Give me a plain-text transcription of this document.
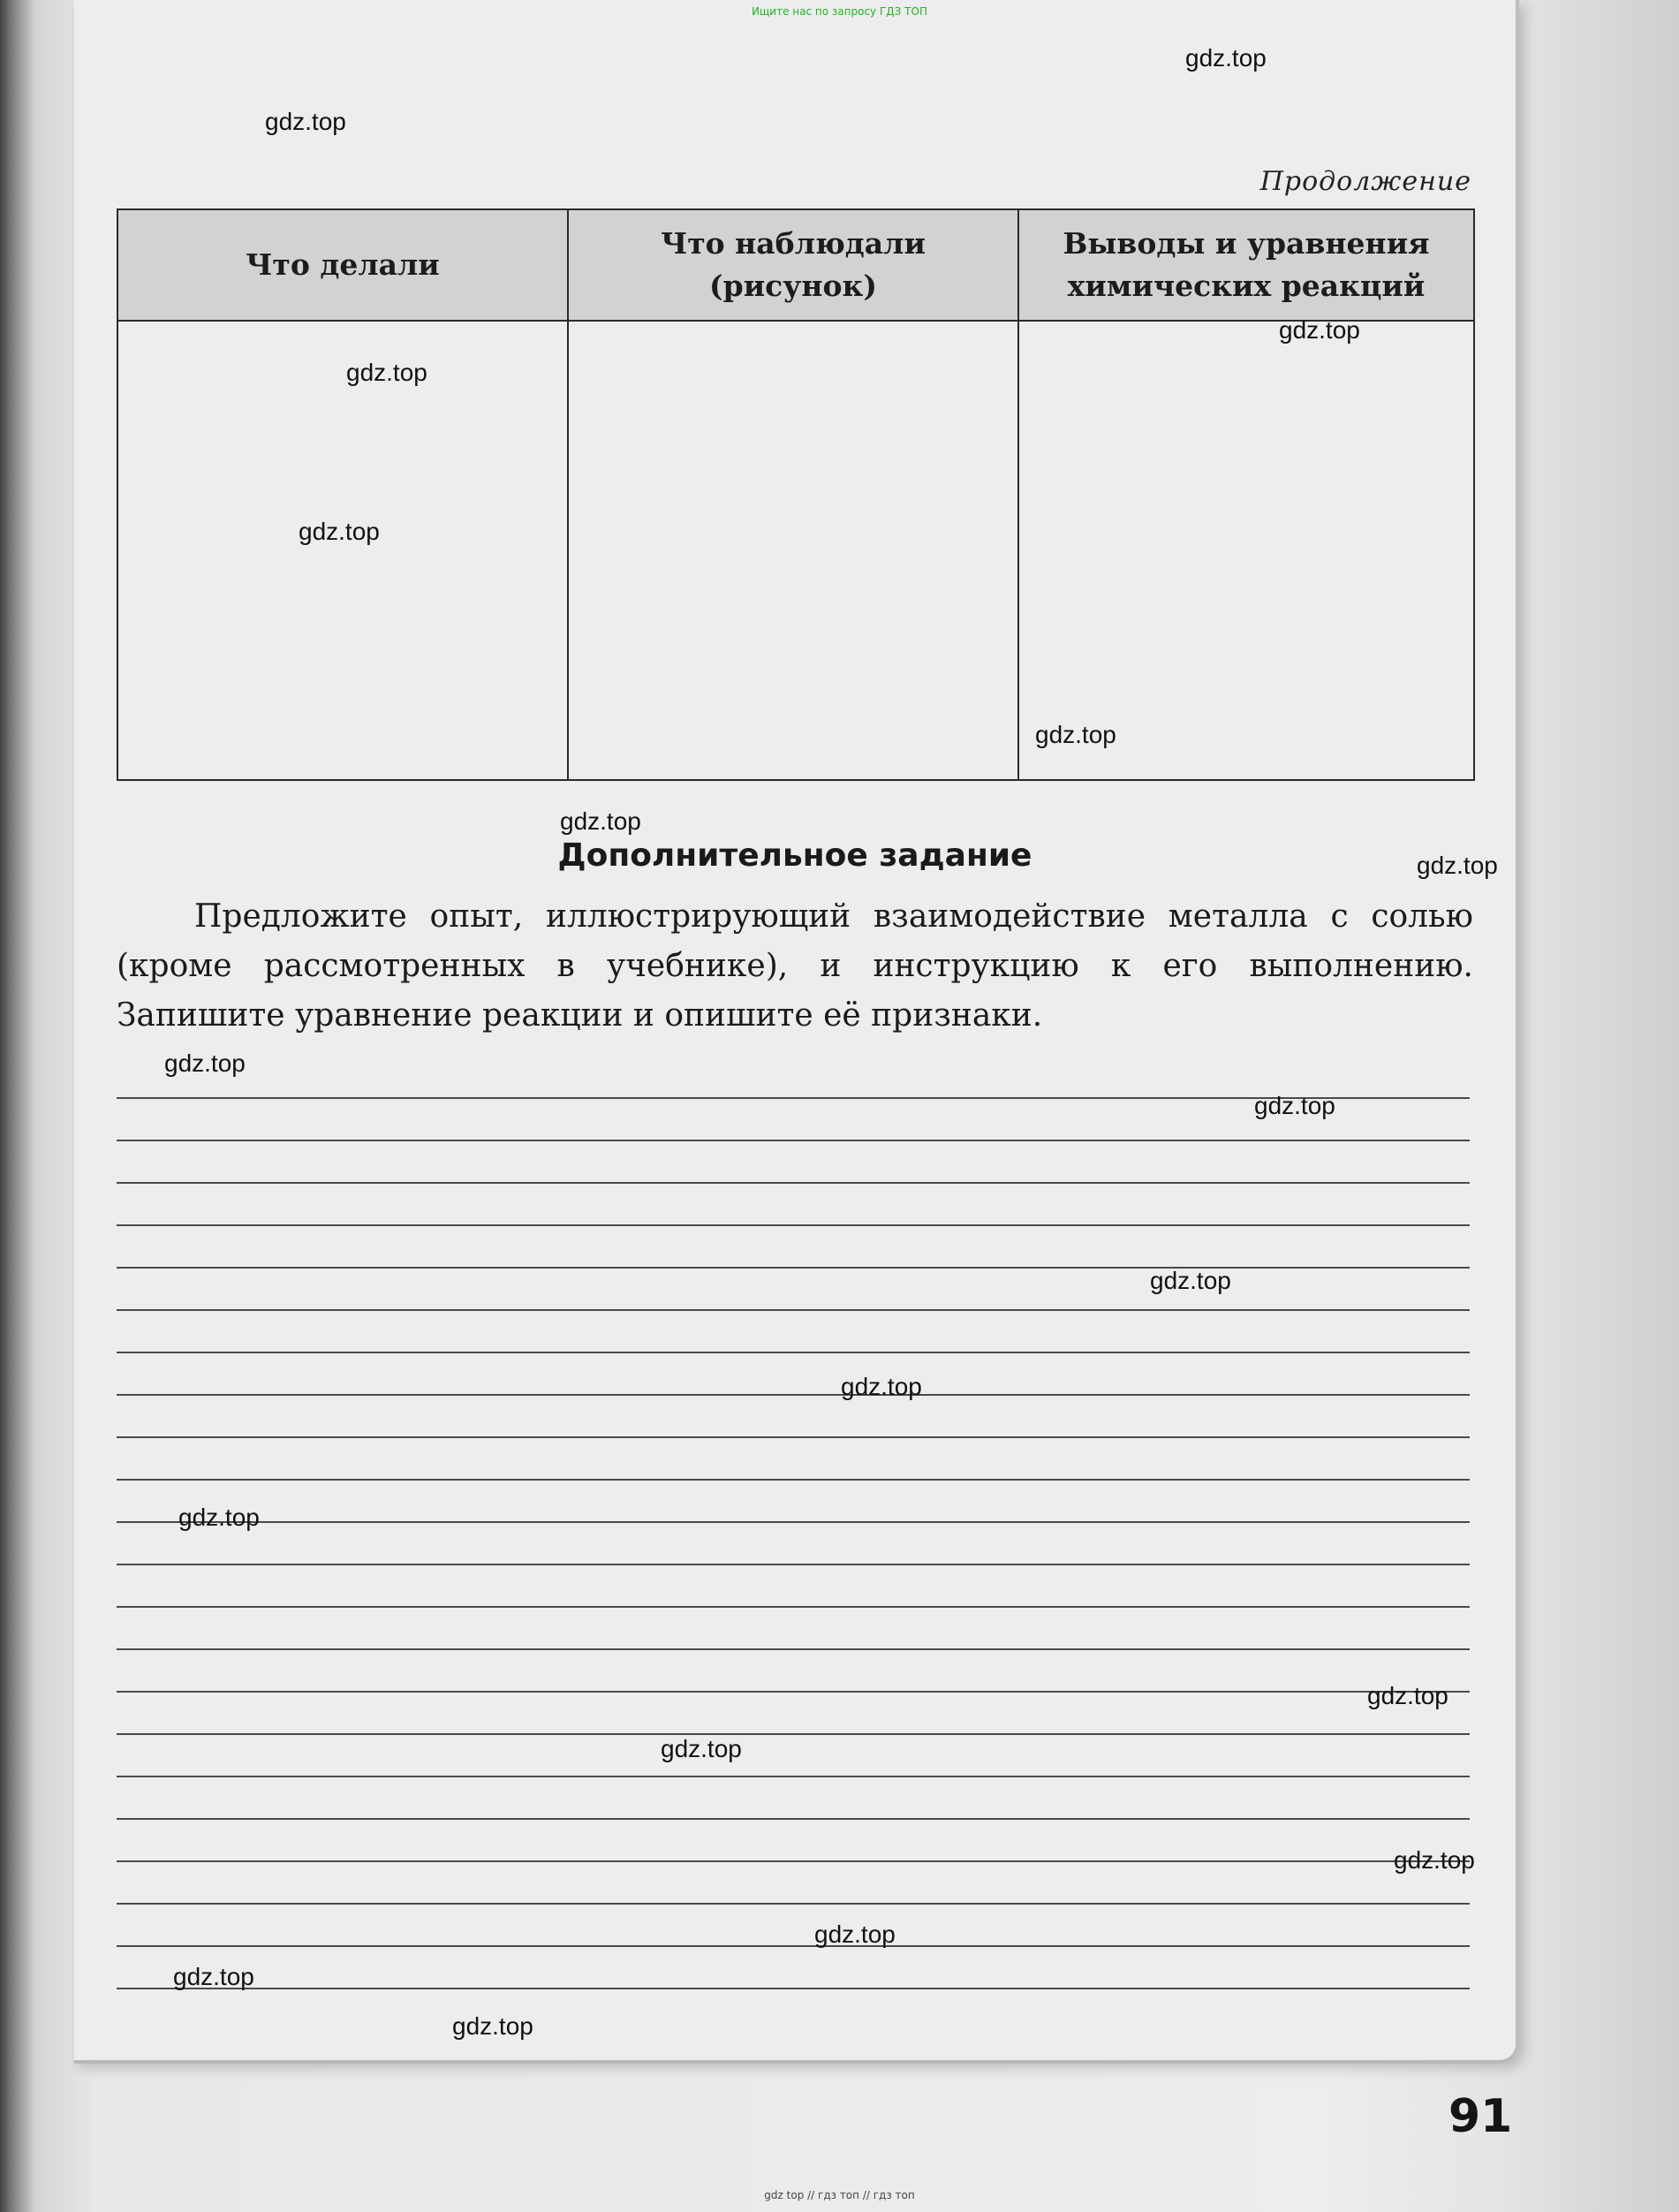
Ищите нас по запросу ГДЗ ТОП
Продолжение
Что делали	Что наблюдали (рисунок)	Выводы и уравнения химических реакций

Дополнительное задание

Предложите опыт, иллюстрирующий взаимодействие металла с солью (кроме рассмотренных в учебнике), и инструкцию к его выполнению. Запишите уравнение реакции и опишите её признаки.

91
gdz.top
gdz.top
gdz.top
gdz.top
gdz.top
gdz.top
gdz.top
gdz.top
gdz.top
gdz.top
gdz.top
gdz.top
gdz.top
gdz.top
gdz.top
gdz.top
gdz.top
gdz.top
gdz.top
gdz top // гдз топ // гдз топ
